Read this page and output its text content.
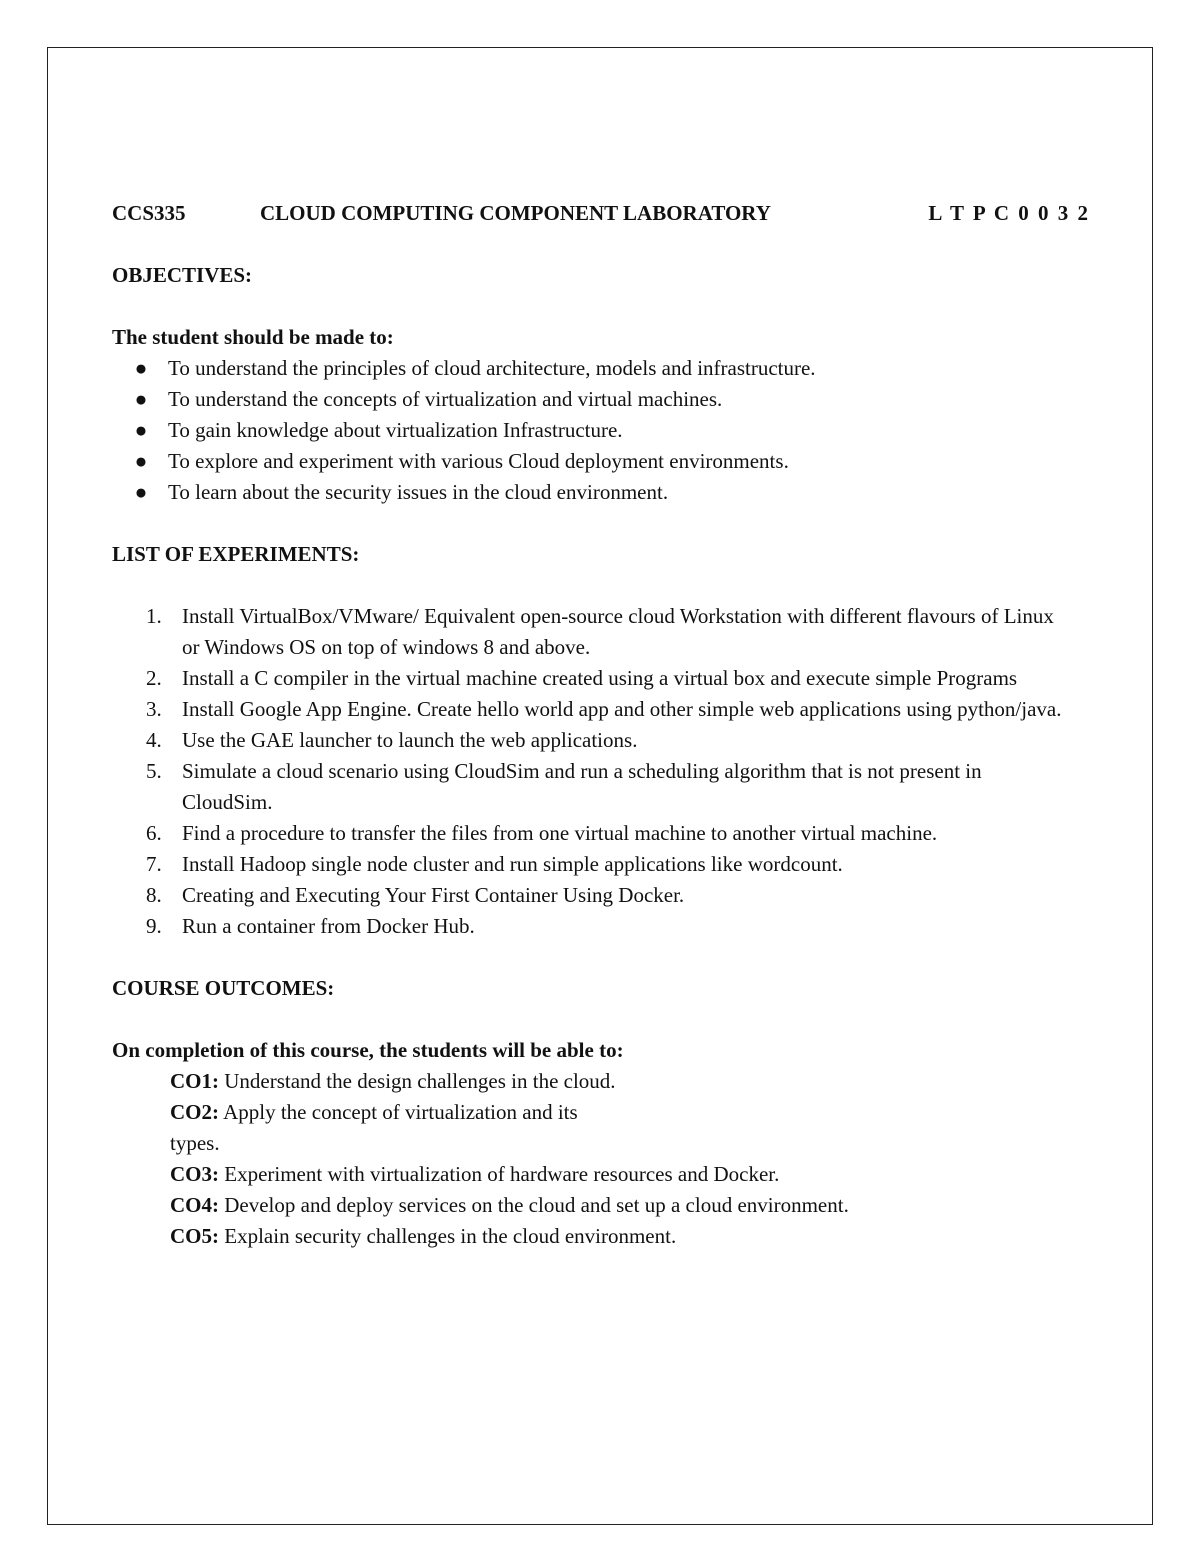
CCS335	CLOUD COMPUTING COMPONENT LABORATORY	L T P C 0 0 3 2

OBJECTIVES:

The student should be made to:

● To understand the principles of cloud architecture, models and infrastructure.
● To understand the concepts of virtualization and virtual machines.
● To gain knowledge about virtualization Infrastructure.
● To explore and experiment with various Cloud deployment environments.
● To learn about the security issues in the cloud environment.

LIST OF EXPERIMENTS:

1. Install VirtualBox/VMware/ Equivalent open-source cloud Workstation with different flavours of Linux or Windows OS on top of windows 8 and above.
2. Install a C compiler in the virtual machine created using a virtual box and execute simple Programs
3. Install Google App Engine. Create hello world app and other simple web applications using python/java.
4. Use the GAE launcher to launch the web applications.
5. Simulate a cloud scenario using CloudSim and run a scheduling algorithm that is not present in CloudSim.
6. Find a procedure to transfer the files from one virtual machine to another virtual machine.
7. Install Hadoop single node cluster and run simple applications like wordcount.
8. Creating and Executing Your First Container Using Docker.
9. Run a container from Docker Hub.

COURSE OUTCOMES:

On completion of this course, the students will be able to:

CO1: Understand the design challenges in the cloud.

CO2: Apply the concept of virtualization and its

types.

CO3: Experiment with virtualization of hardware resources and Docker.

CO4: Develop and deploy services on the cloud and set up a cloud environment.

CO5: Explain security challenges in the cloud environment.
